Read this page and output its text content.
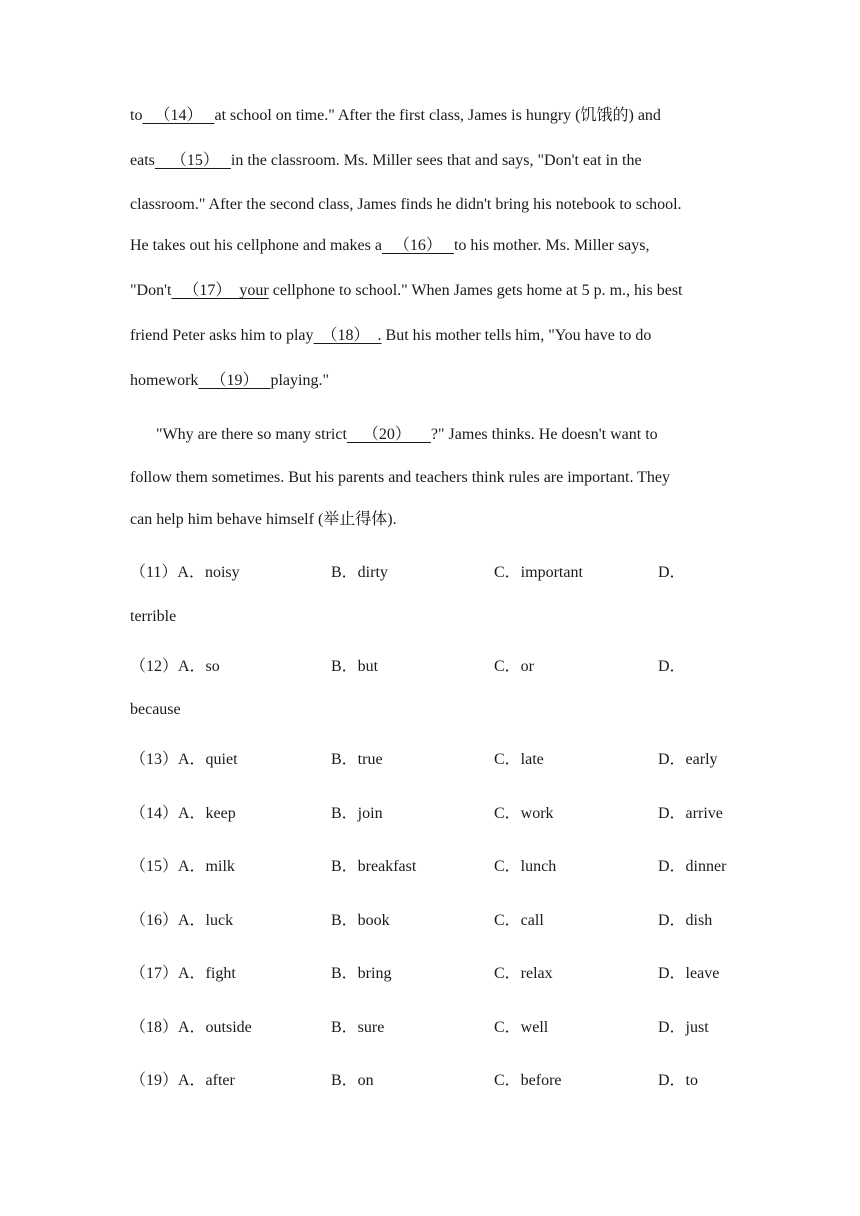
to   （14）   at school on time." After the first class, James is hungry (饥饿的) and
eats    （15）   in the classroom. Ms. Miller sees that and says, "Don't eat in the
classroom." After the second class, James finds he didn't bring his notebook to school.
He takes out his cellphone and makes a   （16）   to his mother. Ms. Miller says,
"Don't   （17）  your cellphone to school." When James gets home at 5 p. m., his best
friend Peter asks him to play  （18）  . But his mother tells him, "You have to do
homework   （19）   playing."
"Why are there so many strict    （20）     ?" James thinks. He doesn't want to
follow them sometimes. But his parents and teachers think rules are important. They
can help him behave himself (举止得体).
（11）A．noisy	B．dirty	C．important	D．
terrible
（12）A．so	B．but	C．or	D．
because
（13）A．quiet	B．true	C．late	D．early
（14）A．keep	B．join	C．work	D．arrive
（15）A．milk	B．breakfast	C．lunch	D．dinner
（16）A．luck	B．book	C．call	D．dish
（17）A．fight	B．bring	C．relax	D．leave
（18）A．outside	B．sure	C．well	D．just
（19）A．after	B．on	C．before	D．to
